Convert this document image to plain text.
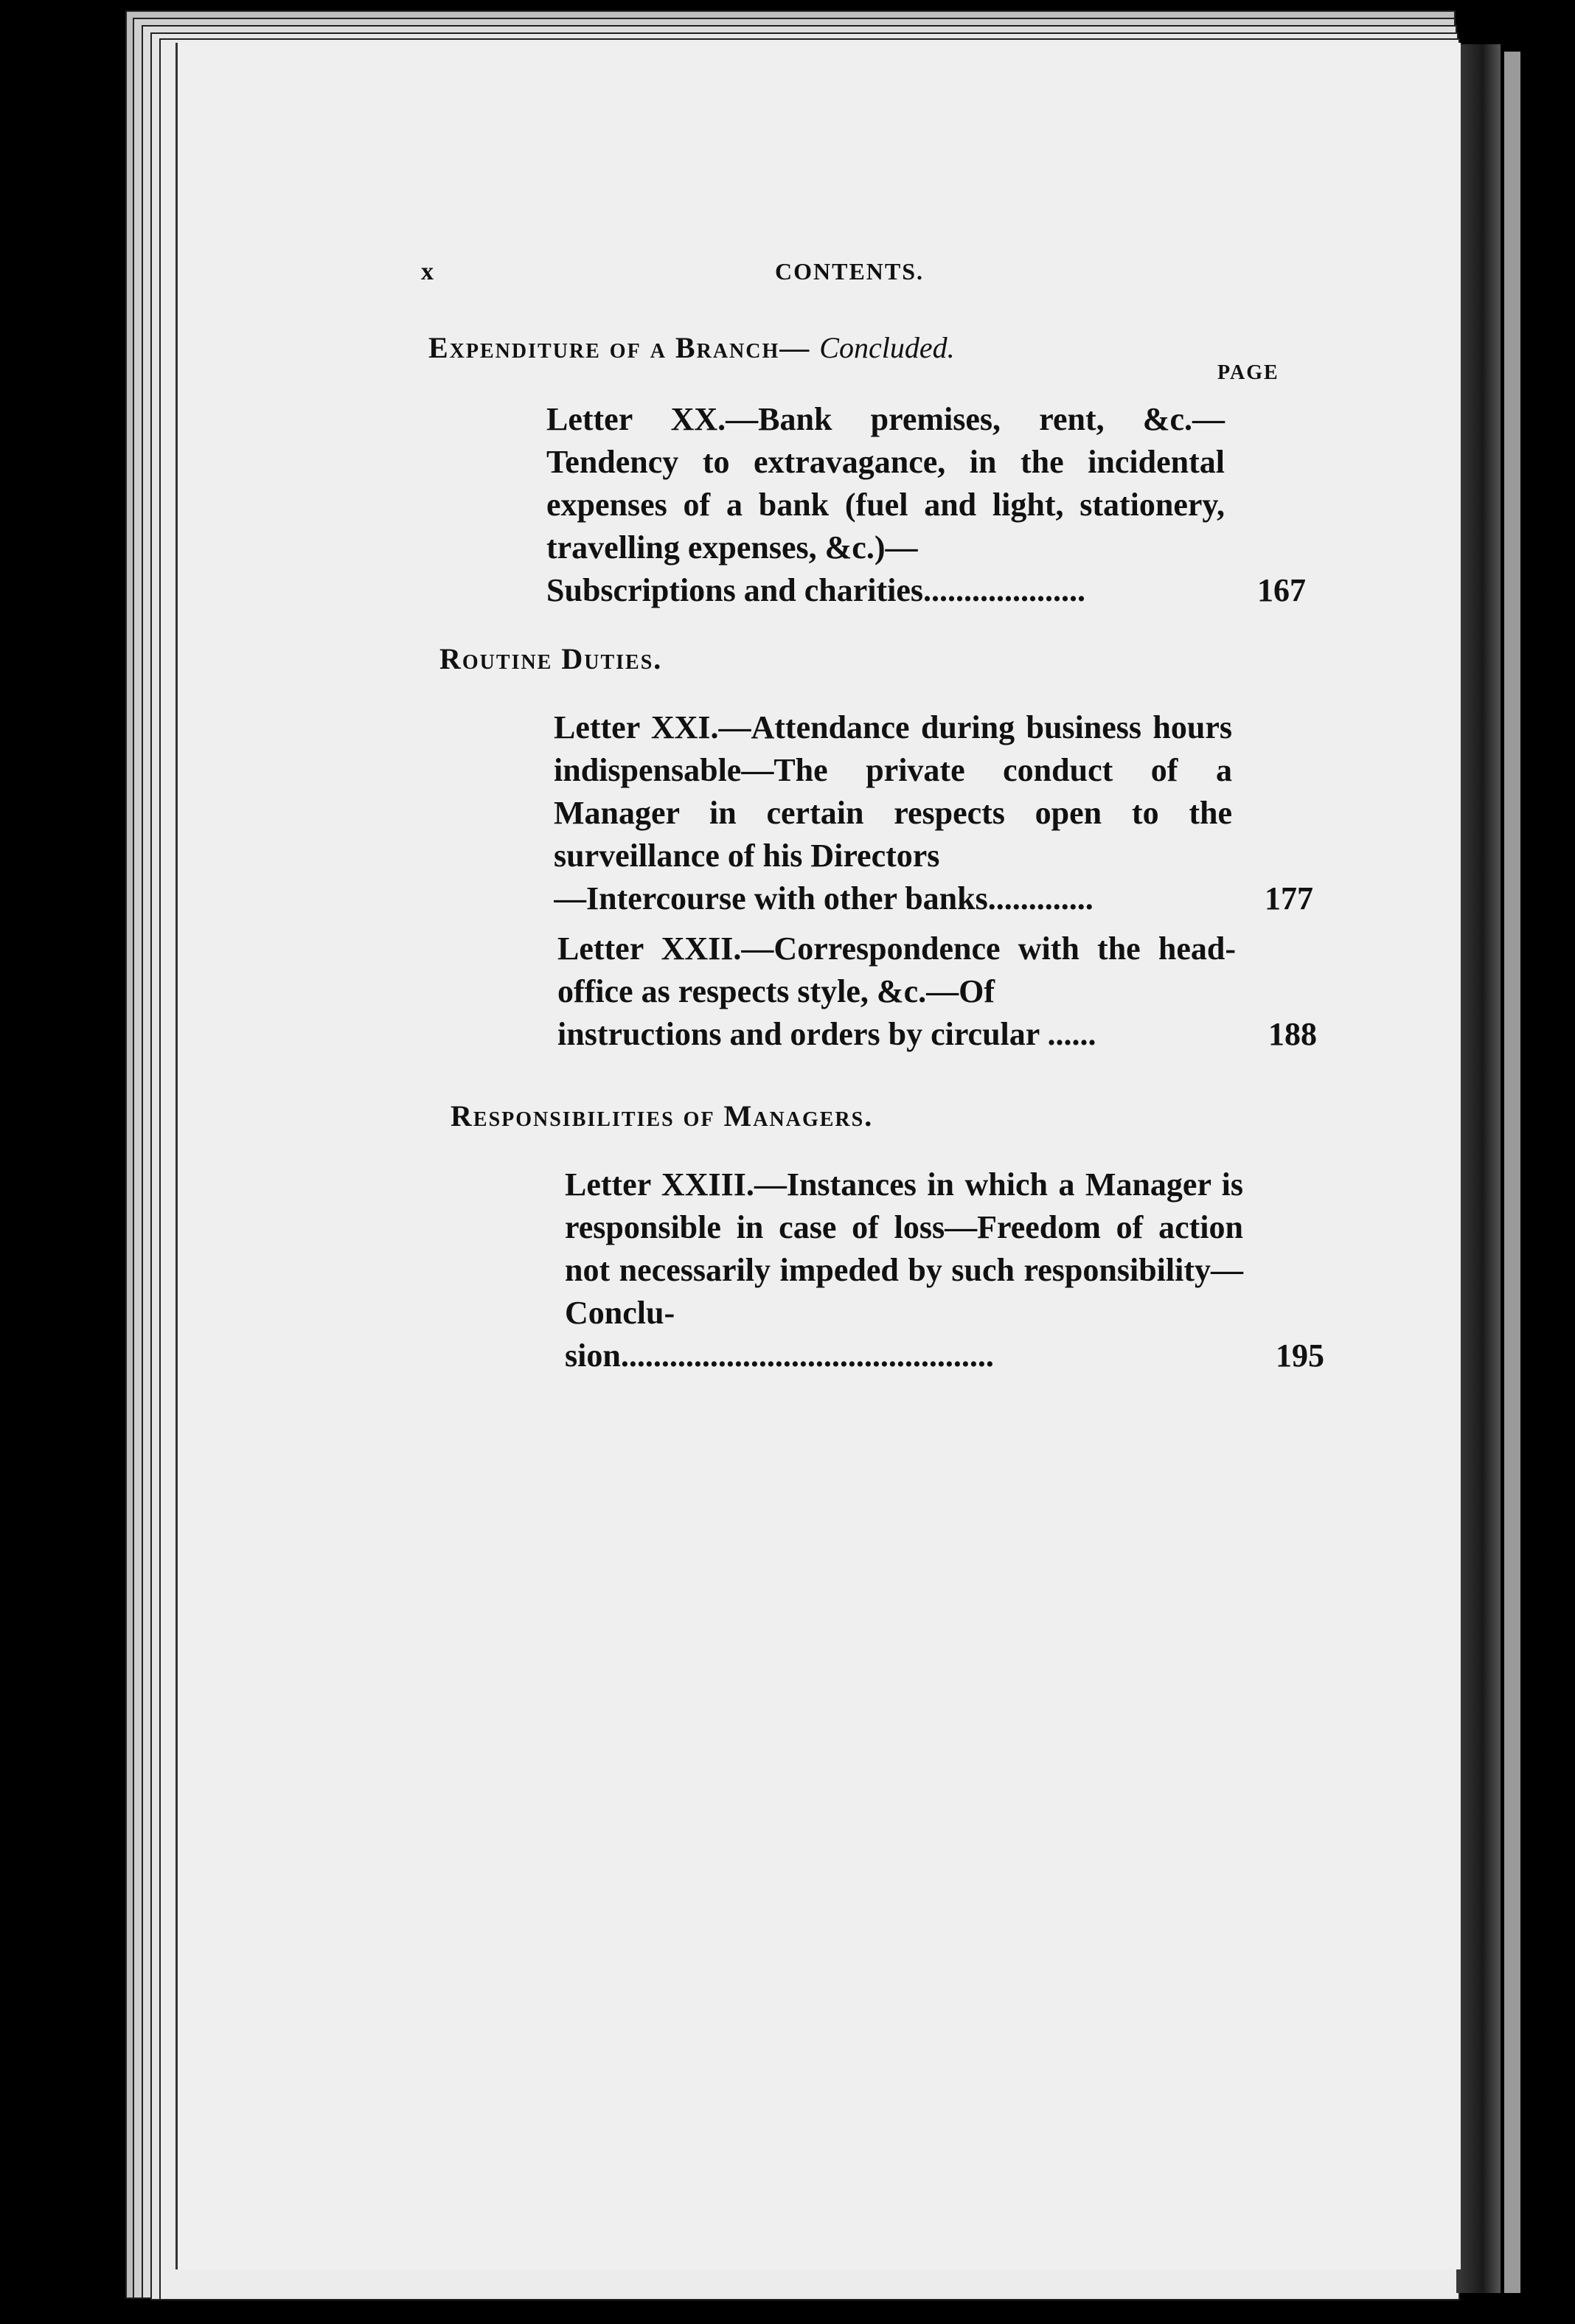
x	CONTENTS.
Expenditure of a Branch— Concluded.
PAGE
Letter XX.—Bank premises, rent, &c.—Tendency to extravagance, in the incidental expenses of a bank (fuel and light, stationery, travelling expenses, &c.)—
Subscriptions and charities....................	167
Routine Duties.
Letter XXI.—Attendance during business hours indispensable—The private conduct of a Manager in certain respects open to the surveillance of his Directors
—Intercourse with other banks.............	177
Letter XXII.—Correspondence with the head-office as respects style, &c.—Of
instructions and orders by circular ......	188
Responsibilities of Managers.
Letter XXIII.—Instances in which a Manager is responsible in case of loss—Freedom of action not necessarily impeded by such responsibility—Conclu-
sion..............................................	195
